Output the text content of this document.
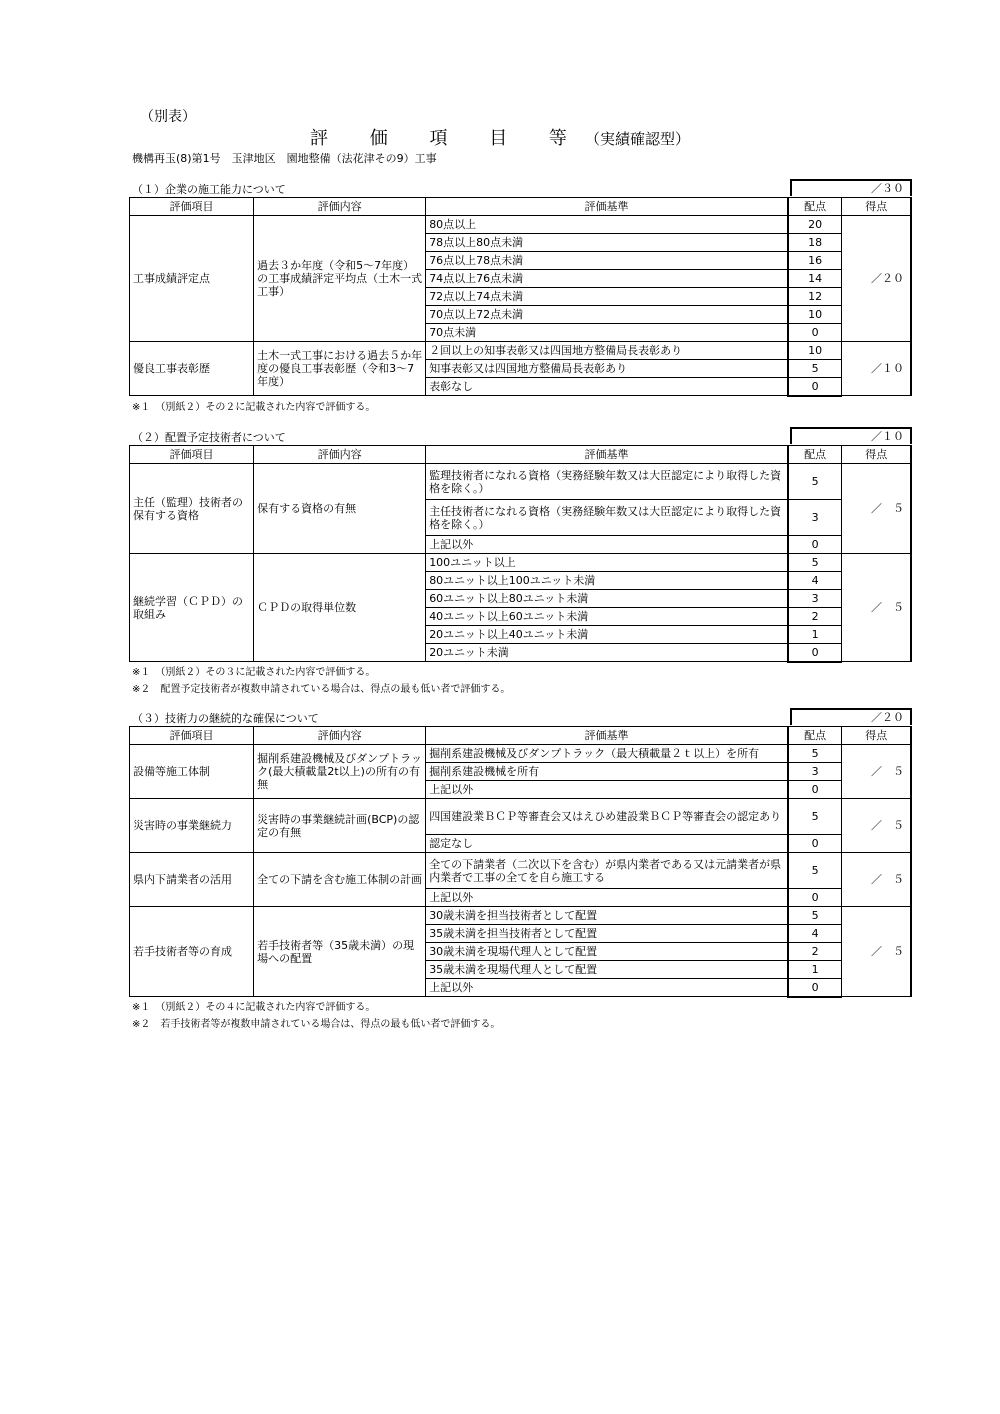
（別表）
評 価 項 目 等（実績確認型）
機構再玉(8)第1号　玉津地区　園地整備（法花津その9）工事
（１）企業の施工能力について	／３０
評価項目	評価内容	評価基準	配点	得点
工事成績評定点	過去３か年度（令和5～7年度）の工事成績評定平均点（土木一式工事）	80点以上	20	／２０
		78点以上80点未満	18	
		76点以上78点未満	16	
		74点以上76点未満	14	
		72点以上74点未満	12	
		70点以上72点未満	10	
		70点未満	0	
優良工事表彰歴	土木一式工事における過去５か年度の優良工事表彰歴（令和3～7年度）	２回以上の知事表彰又は四国地方整備局長表彰あり	10	／１０
		知事表彰又は四国地方整備局長表彰あり	5	
		表彰なし	0	
※１　（別紙２）その２に記載された内容で評価する。
（２）配置予定技術者について	／１０
評価項目	評価内容	評価基準	配点	得点
主任（監理）技術者の保有する資格	保有する資格の有無	監理技術者になれる資格（実務経験年数又は大臣認定により取得した資格を除く。）	5	／　５
		主任技術者になれる資格（実務経験年数又は大臣認定により取得した資格を除く。）	3	
		上記以外	0	
継続学習（ＣＰＤ）の取組み	ＣＰＤの取得単位数	100ユニット以上	5	／　５
		80ユニット以上100ユニット未満	4	
		60ユニット以上80ユニット未満	3	
		40ユニット以上60ユニット未満	2	
		20ユニット以上40ユニット未満	1	
		20ユニット未満	0	
※１　（別紙２）その３に記載された内容で評価する。
※２　配置予定技術者が複数申請されている場合は、得点の最も低い者で評価する。
（３）技術力の継続的な確保について	／２０
評価項目	評価内容	評価基準	配点	得点
設備等施工体制	掘削系建設機械及びダンプトラック(最大積載量2t以上)の所有の有無	掘削系建設機械及びダンプトラック（最大積載量２ｔ以上）を所有	5	／　５
		掘削系建設機械を所有	3	
		上記以外	0	
災害時の事業継続力	災害時の事業継続計画(BCP)の認定の有無	四国建設業ＢＣＰ等審査会又はえひめ建設業ＢＣＰ等審査会の認定あり	5	／　５
		認定なし	0	
県内下請業者の活用	全ての下請を含む施工体制の計画	全ての下請業者（二次以下を含む）が県内業者である又は元請業者が県内業者で工事の全てを自ら施工する	5	／　５
		上記以外	0	
若手技術者等の育成	若手技術者等（35歳未満）の現場への配置	30歳未満を担当技術者として配置	5	／　５
		35歳未満を担当技術者として配置	4	
		30歳未満を現場代理人として配置	2	
		35歳未満を現場代理人として配置	1	
		上記以外	0	
※１　（別紙２）その４に記載された内容で評価する。
※２　若手技術者等が複数申請されている場合は、得点の最も低い者で評価する。
